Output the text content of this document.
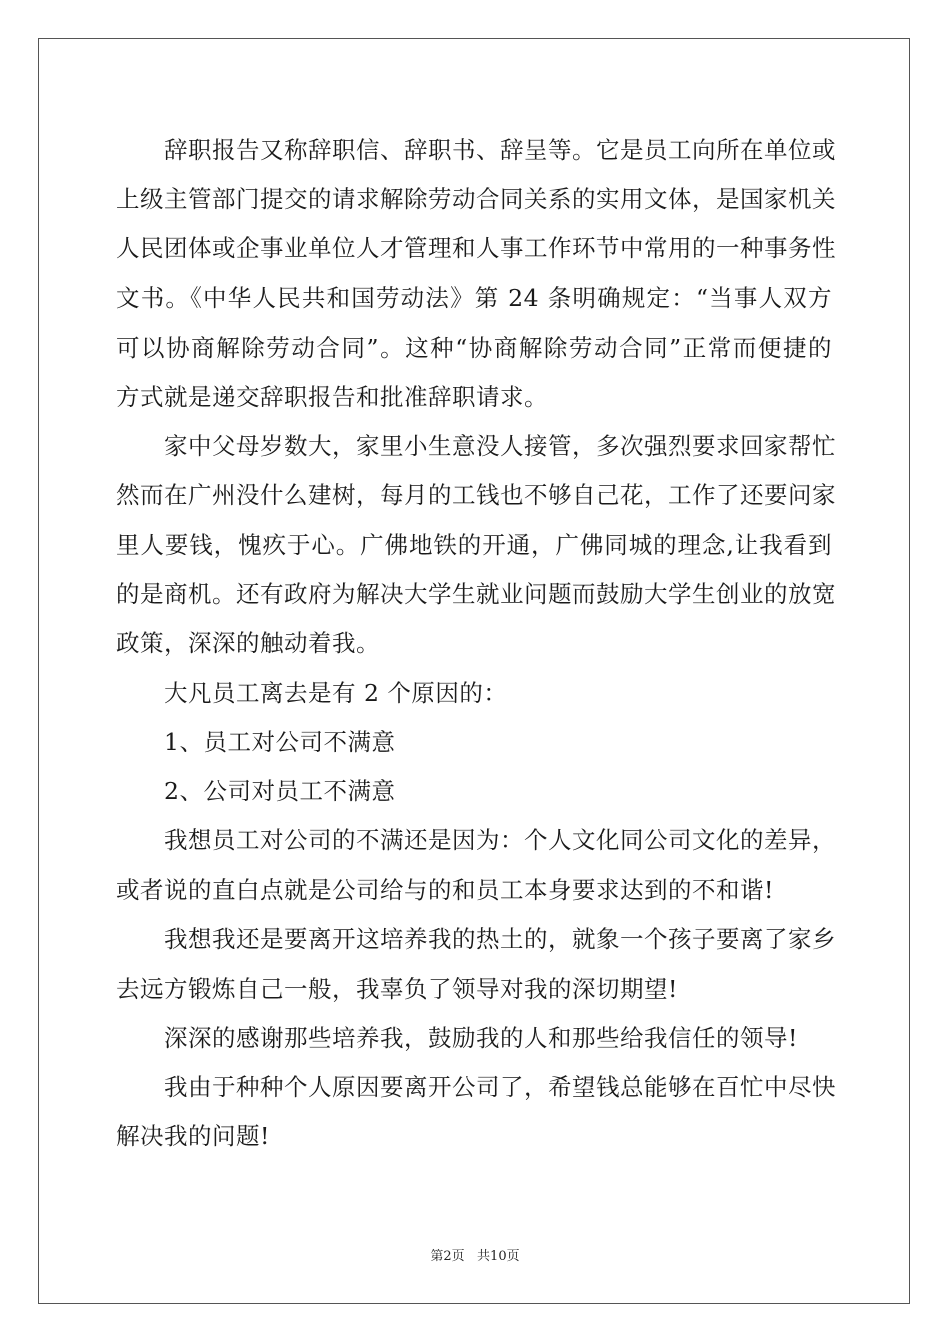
辞职报告又称辞职信、辞职书、辞呈等。它是员工向所在单位或
上级主管部门提交的请求解除劳动合同关系的实用文体，是国家机关
人民团体或企事业单位人才管理和人事工作环节中常用的一种事务性
文书。《中华人民共和国劳动法》第 24 条明确规定：“当事人双方
可以协商解除劳动合同”。这种“协商解除劳动合同”正常而便捷的
方式就是递交辞职报告和批准辞职请求。
家中父母岁数大，家里小生意没人接管，多次强烈要求回家帮忙
然而在广州没什么建树，每月的工钱也不够自己花，工作了还要问家
里人要钱，愧疚于心。广佛地铁的开通，广佛同城的理念,让我看到
的是商机。还有政府为解决大学生就业问题而鼓励大学生创业的放宽
政策，深深的触动着我。
大凡员工离去是有 2 个原因的：
1、员工对公司不满意
2、公司对员工不满意
我想员工对公司的不满还是因为：个人文化同公司文化的差异，
或者说的直白点就是公司给与的和员工本身要求达到的不和谐!
我想我还是要离开这培养我的热土的，就象一个孩子要离了家乡
去远方锻炼自己一般，我辜负了领导对我的深切期望!
深深的感谢那些培养我，鼓励我的人和那些给我信任的领导!
我由于种种个人原因要离开公司了，希望钱总能够在百忙中尽快
解决我的问题!
第2页   共10页
